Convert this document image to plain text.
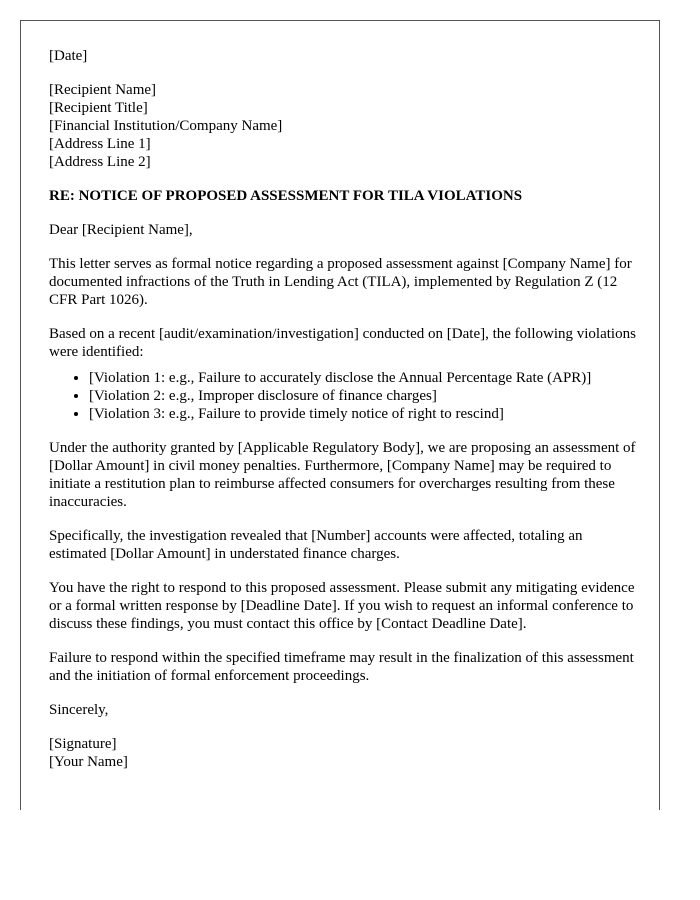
[Date]

[Recipient Name]
[Recipient Title]
[Financial Institution/Company Name]
[Address Line 1]
[Address Line 2]

RE: NOTICE OF PROPOSED ASSESSMENT FOR TILA VIOLATIONS

Dear [Recipient Name],

This letter serves as formal notice regarding a proposed assessment against [Company Name] for documented infractions of the Truth in Lending Act (TILA), implemented by Regulation Z (12 CFR Part 1026).

Based on a recent [audit/examination/investigation] conducted on [Date], the following violations were identified:

• [Violation 1: e.g., Failure to accurately disclose the Annual Percentage Rate (APR)]
• [Violation 2: e.g., Improper disclosure of finance charges]
• [Violation 3: e.g., Failure to provide timely notice of right to rescind]

Under the authority granted by [Applicable Regulatory Body], we are proposing an assessment of [Dollar Amount] in civil money penalties. Furthermore, [Company Name] may be required to initiate a restitution plan to reimburse affected consumers for overcharges resulting from these inaccuracies.

Specifically, the investigation revealed that [Number] accounts were affected, totaling an estimated [Dollar Amount] in understated finance charges.

You have the right to respond to this proposed assessment. Please submit any mitigating evidence or a formal written response by [Deadline Date]. If you wish to request an informal conference to discuss these findings, you must contact this office by [Contact Deadline Date].

Failure to respond within the specified timeframe may result in the finalization of this assessment and the initiation of formal enforcement proceedings.

Sincerely,

[Signature]
[Your Name]
